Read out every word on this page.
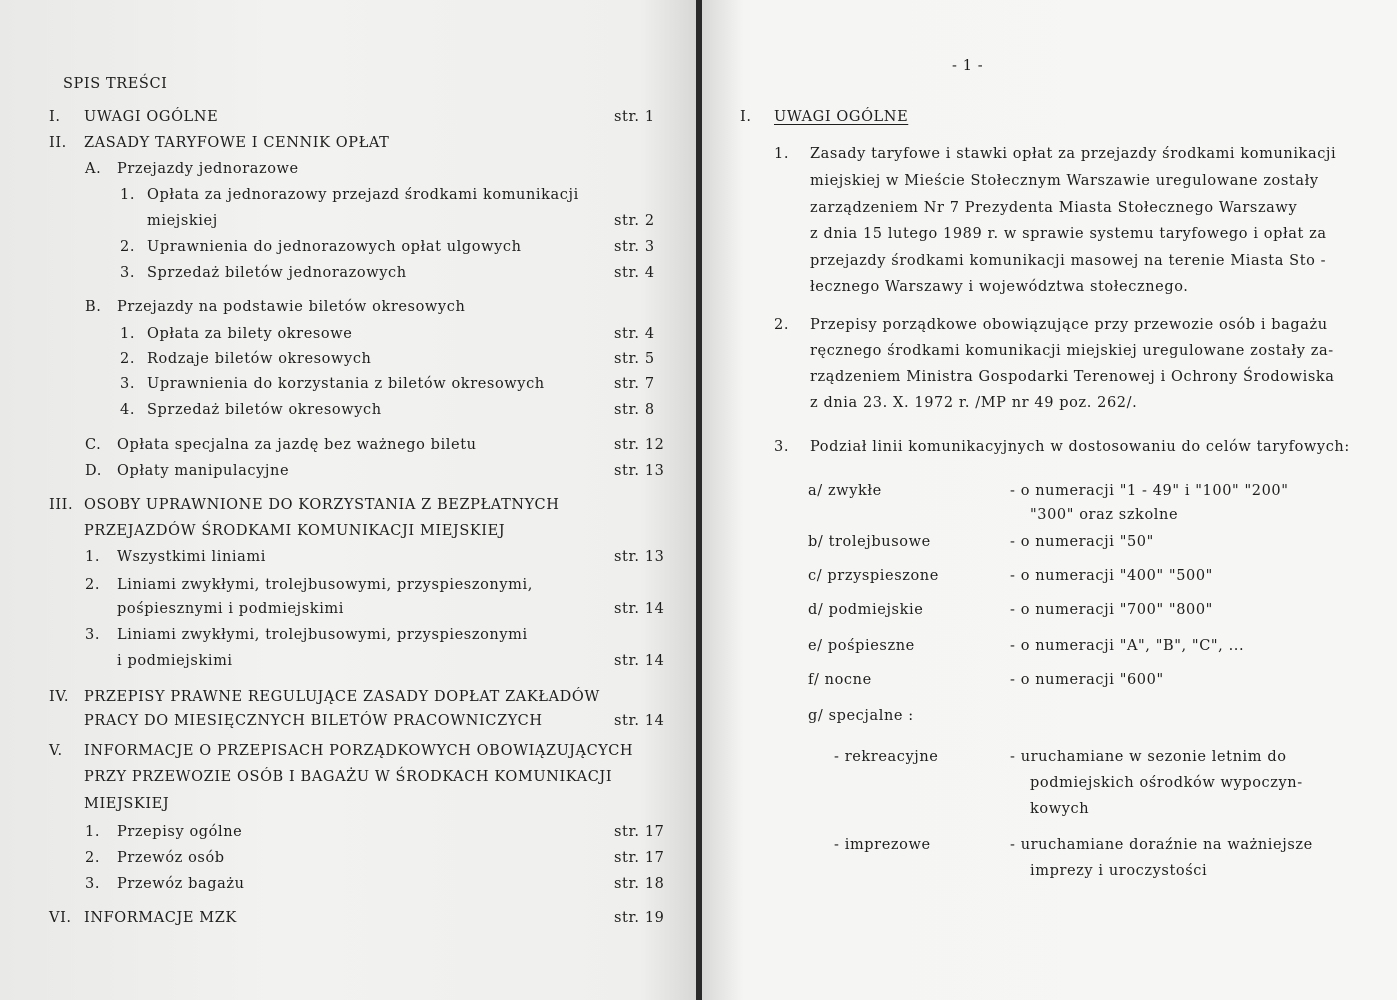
SPIS TREŚCI
I. UWAGI OGÓLNE	str. 1
II. ZASADY TARYFOWE I CENNIK OPŁAT
A. Przejazdy jednorazowe
1. Opłata za jednorazowy przejazd środkami komunikacji
miejskiej	str. 2
2. Uprawnienia do jednorazowych opłat ulgowych	str. 3
3. Sprzedaż biletów jednorazowych	str. 4
B. Przejazdy na podstawie biletów okresowych
1. Opłata za bilety okresowe	str. 4
2. Rodzaje biletów okresowych	str. 5
3. Uprawnienia do korzystania z biletów okresowych	str. 7
4. Sprzedaż biletów okresowych	str. 8
C. Opłata specjalna za jazdę bez ważnego biletu	str. 12
D. Opłaty manipulacyjne	str. 13
III. OSOBY UPRAWNIONE DO KORZYSTANIA Z BEZPŁATNYCH
PRZEJAZDÓW ŚRODKAMI KOMUNIKACJI MIEJSKIEJ
1. Wszystkimi liniami	str. 13
2. Liniami zwykłymi, trolejbusowymi, przyspieszonymi,
pośpiesznymi i podmiejskimi	str. 14
3. Liniami zwykłymi, trolejbusowymi, przyspieszonymi
i podmiejskimi	str. 14
IV. PRZEPISY PRAWNE REGULUJĄCE ZASADY DOPŁAT ZAKŁADÓW
PRACY DO MIESIĘCZNYCH BILETÓW PRACOWNICZYCH	str. 14
V. INFORMACJE O PRZEPISACH PORZĄDKOWYCH OBOWIĄZUJĄCYCH
PRZY PRZEWOZIE OSÓB I BAGAŻU W ŚRODKACH KOMUNIKACJI
MIEJSKIEJ
1. Przepisy ogólne	str. 17
2. Przewóz osób	str. 17
3. Przewóz bagażu	str. 18
VI. INFORMACJE MZK	str. 19
- 1 -
I. UWAGI OGÓLNE
1. Zasady taryfowe i stawki opłat za przejazdy środkami komunikacji
miejskiej w Mieście Stołecznym Warszawie uregulowane zostały
zarządzeniem Nr 7 Prezydenta Miasta Stołecznego Warszawy
z dnia 15 lutego 1989 r. w sprawie systemu taryfowego i opłat za
przejazdy środkami komunikacji masowej na terenie Miasta Sto -
łecznego Warszawy i województwa stołecznego.
2. Przepisy porządkowe obowiązujące przy przewozie osób i bagażu
ręcznego środkami komunikacji miejskiej uregulowane zostały za-
rządzeniem Ministra Gospodarki Terenowej i Ochrony Środowiska
z dnia 23. X. 1972 r. /MP nr 49 poz. 262/.
3. Podział linii komunikacyjnych w dostosowaniu do celów taryfowych:
a/ zwykłe	- o numeracji "1 - 49" i "100" "200"
"300" oraz szkolne
b/ trolejbusowe	- o numeracji "50"
c/ przyspieszone	- o numeracji "400" "500"
d/ podmiejskie	- o numeracji "700" "800"
e/ pośpieszne	- o numeracji "A", "B", "C", ...
f/ nocne	- o numeracji "600"
g/ specjalne :
- rekreacyjne	- uruchamiane w sezonie letnim do
podmiejskich ośrodków wypoczyn-
kowych
- imprezowe	- uruchamiane doraźnie na ważniejsze
imprezy i uroczystości
